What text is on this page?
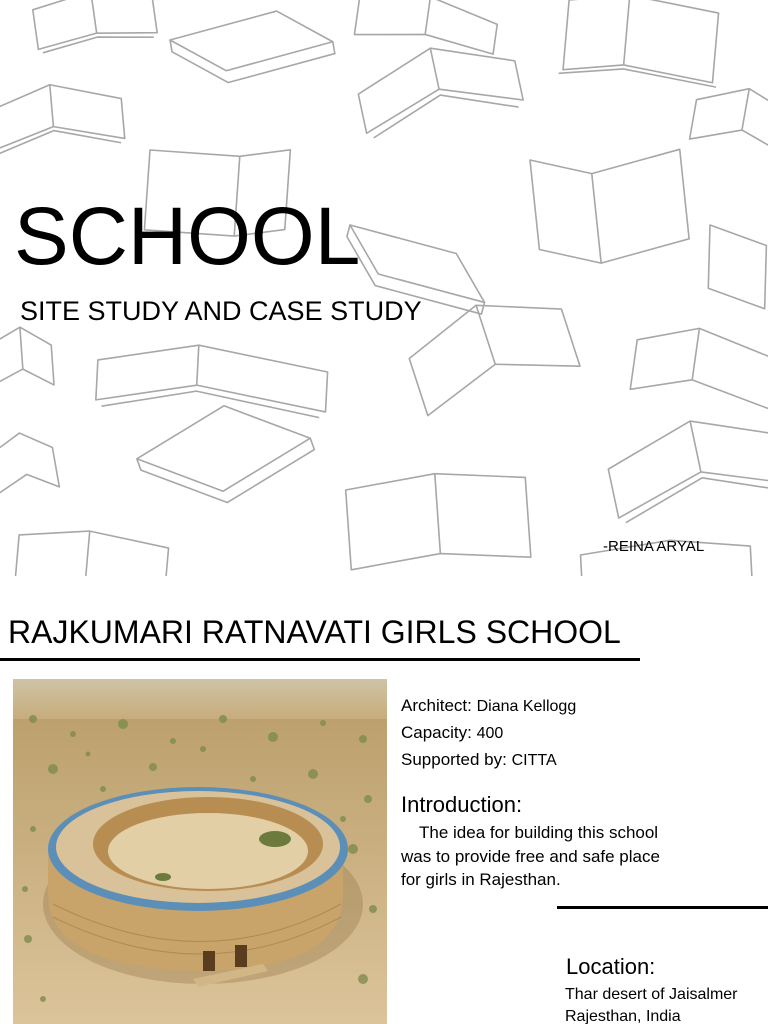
SCHOOL
SITE STUDY AND CASE STUDY
-REINA ARYAL
RAJKUMARI RATNAVATI GIRLS SCHOOL
Architect: Diana Kellogg
Capacity: 400
Supported by: CITTA
Introduction:
The idea for building this school was to provide free and safe place for girls in Rajesthan.
Location:
Thar desert of Jaisalmer
Rajesthan, India
